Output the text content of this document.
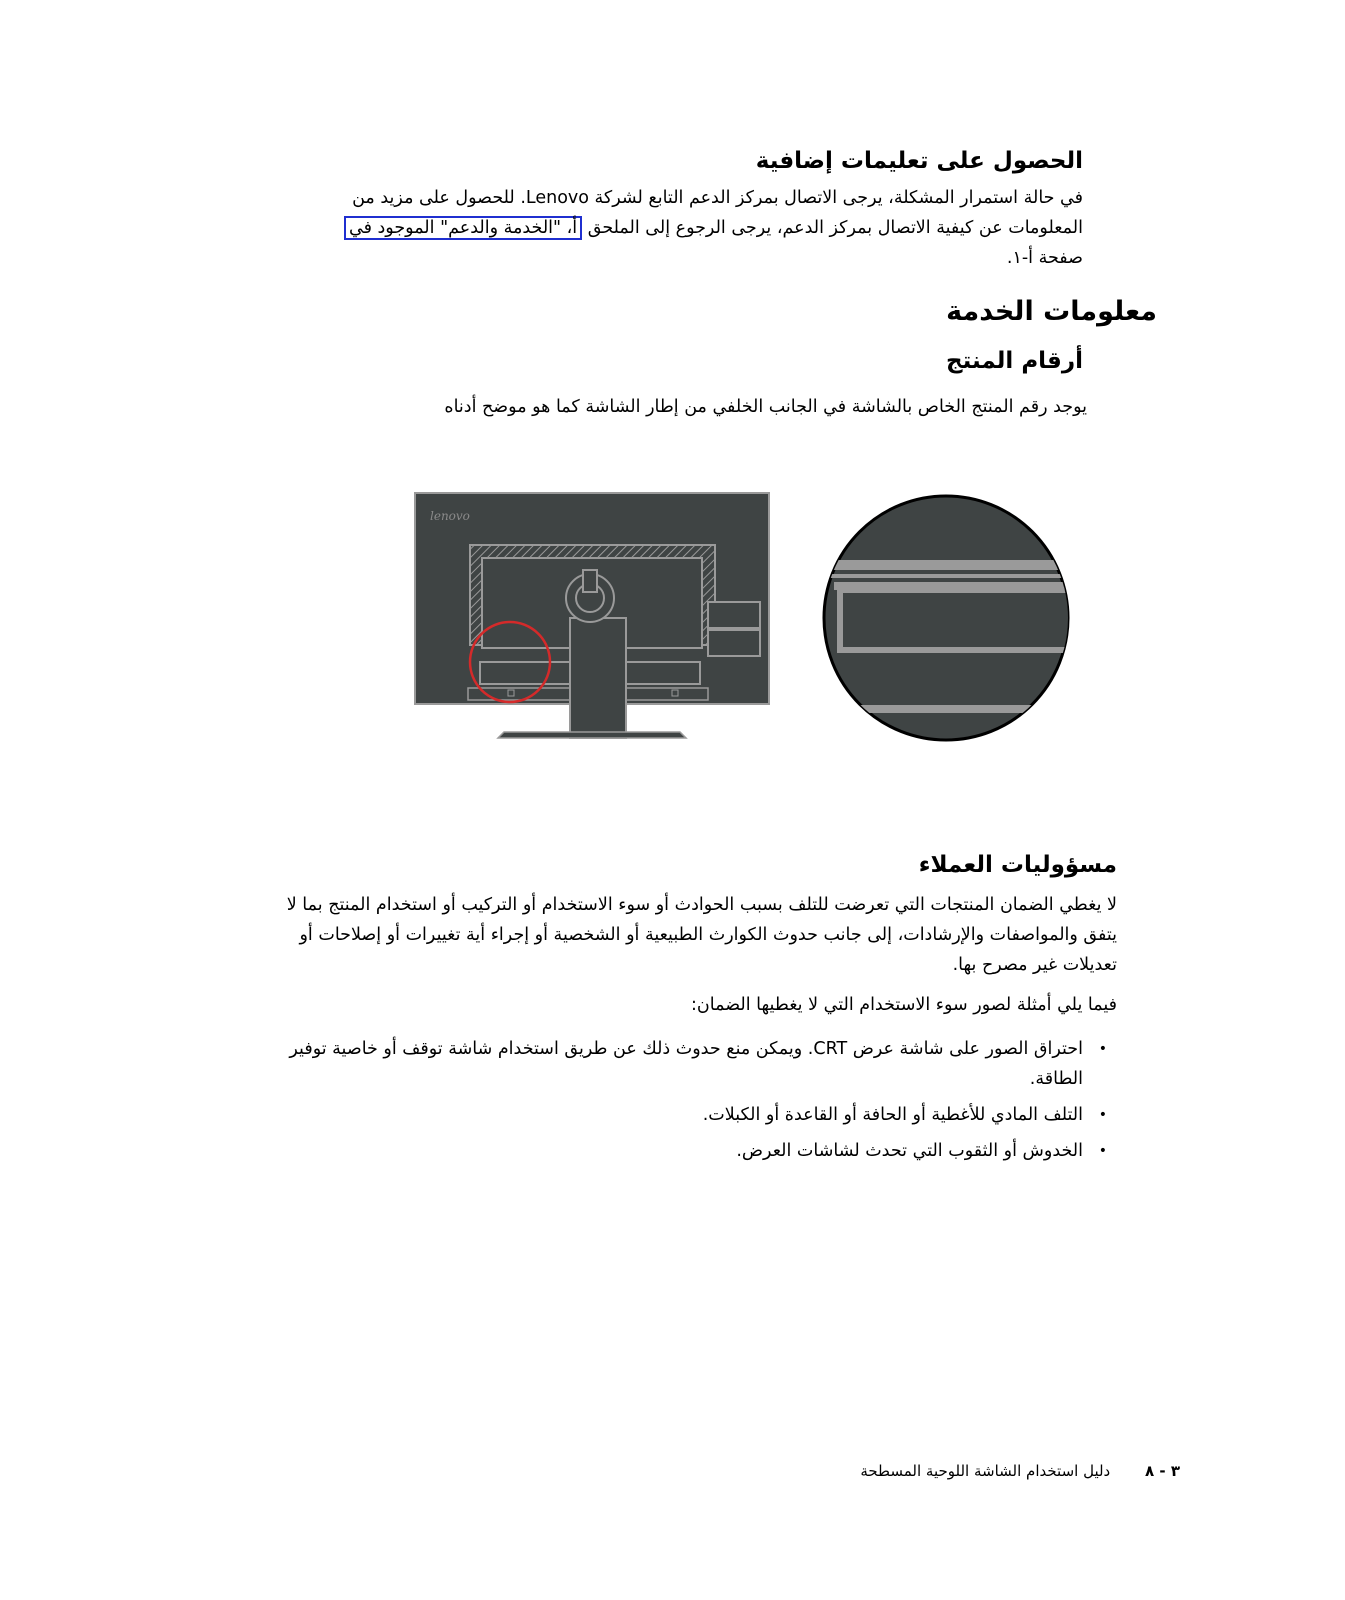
الحصول على تعليمات إضافية

في حالة استمرار المشكلة، يرجى الاتصال بمركز الدعم التابع لشركة Lenovo. للحصول على مزيد من

المعلومات عن كيفية الاتصال بمركز الدعم، يرجى الرجوع إلى الملحق أ، "الخدمة والدعم" الموجود في

صفحة أ-١.

معلومات الخدمة
أرقام المنتج
يوجد رقم المنتج الخاص بالشاشة في الجانب الخلفي من إطار الشاشة كما هو موضح أدناه
lenovo
مسؤوليات العملاء
لا يغطي الضمان المنتجات التي تعرضت للتلف بسبب الحوادث أو سوء الاستخدام أو التركيب أو استخدام المنتج بما لا يتفق والمواصفات والإرشادات، إلى جانب حدوث الكوارث الطبيعية أو الشخصية أو إجراء أية تغييرات أو إصلاحات أو تعديلات غير مصرح بها.
فيما يلي أمثلة لصور سوء الاستخدام التي لا يغطيها الضمان:
• احتراق الصور على شاشة عرض CRT. ويمكن منع حدوث ذلك عن طريق استخدام شاشة توقف أو خاصية توفير الطاقة.
• التلف المادي للأغطية أو الحافة أو القاعدة أو الكبلات.
• الخدوش أو الثقوب التي تحدث لشاشات العرض.
٣ - ٨ دليل استخدام الشاشة اللوحية المسطحة
